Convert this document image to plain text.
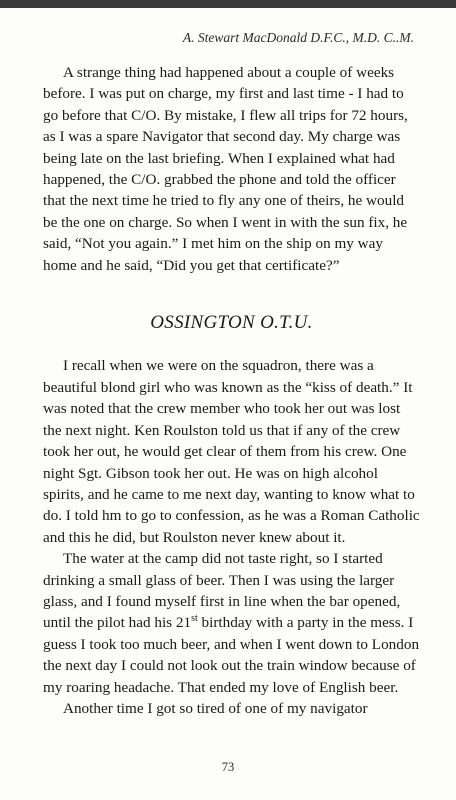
A. Stewart MacDonald D.F.C., M.D. C..M.

A strange thing had happened about a couple of weeks before. I was put on charge, my first and last time - I had to go before that C/O. By mistake, I flew all trips for 72 hours, as I was a spare Navigator that second day. My charge was being late on the last briefing. When I explained what had happened, the C/O. grabbed the phone and told the officer that the next time he tried to fly any one of theirs, he would be the one on charge. So when I went in with the sun fix, he said, “Not you again.” I met him on the ship on my way home and he said, “Did you get that certificate?”

OSSINGTON O.T.U.

I recall when we were on the squadron, there was a beautiful blond girl who was known as the “kiss of death.” It was noted that the crew member who took her out was lost the next night. Ken Roulston told us that if any of the crew took her out, he would get clear of them from his crew. One night Sgt. Gibson took her out. He was on high alcohol spirits, and he came to me next day, wanting to know what to do. I told hm to go to confession, as he was a Roman Catholic and this he did, but Roulston never knew about it.

The water at the camp did not taste right, so I started drinking a small glass of beer. Then I was using the larger glass, and I found myself first in line when the bar opened, until the pilot had his 21st birthday with a party in the mess. I guess I took too much beer, and when I went down to London the next day I could not look out the train window because of my roaring headache. That ended my love of English beer.

Another time I got so tired of one of my navigator

73
